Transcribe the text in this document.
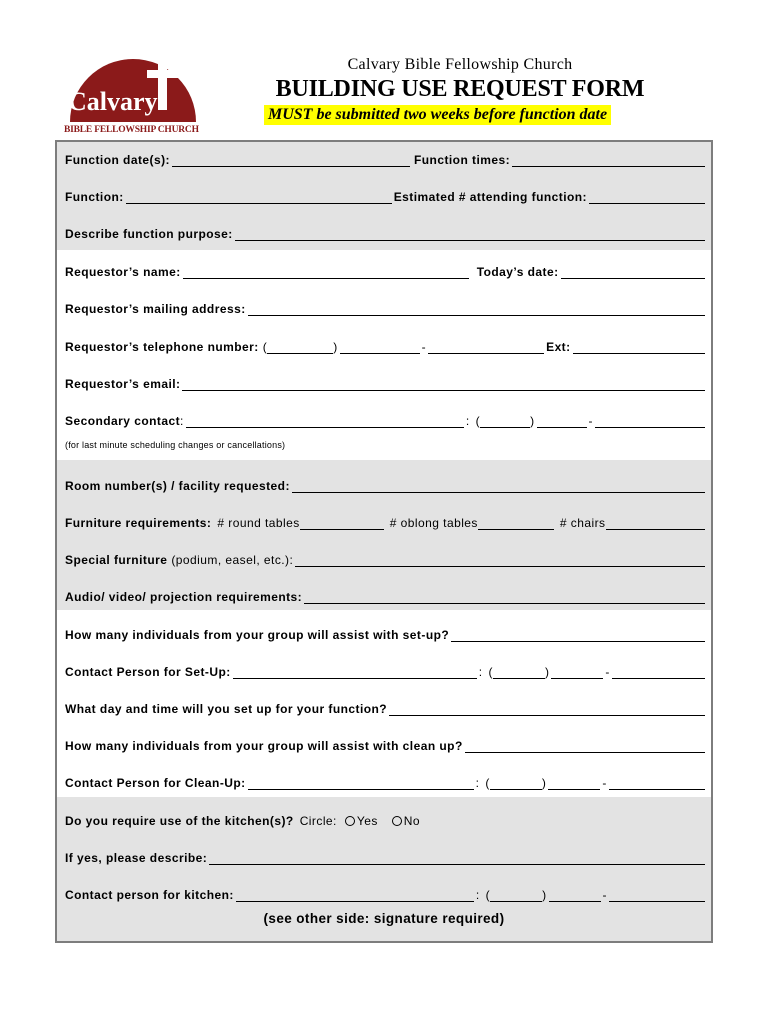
Calvary
BIBLE FELLOWSHIP CHURCH
Calvary Bible Fellowship Church
BUILDING USE REQUEST FORM
MUST be submitted two weeks before function date
Function date(s):	Function times:
Function:	Estimated # attending function:
Describe function purpose:
Requestor’s name:	Today’s date:
Requestor’s mailing address:
Requestor’s telephone number: (	)	-	Ext:
Requestor’s email:
Secondary contact :	: (	)	-
(for last minute scheduling changes or cancellations)
Room number(s) / facility requested:
Furniture requirements: # round tables	# oblong tables	# chairs
Special furniture (podium, easel, etc.):
Audio/ video/ projection requirements:
How many individuals from your group will assist with set-up?
Contact Person for Set-Up:	: (	)	-
What day and time will you set up for your function?
How many individuals from your group will assist with clean up?
Contact Person for Clean-Up:	: (	)	-
Do you require use of the kitchen(s)? Circle: Yes No
If yes, please describe:
Contact person for kitchen:	: (	)	-
(see other side: signature required)
